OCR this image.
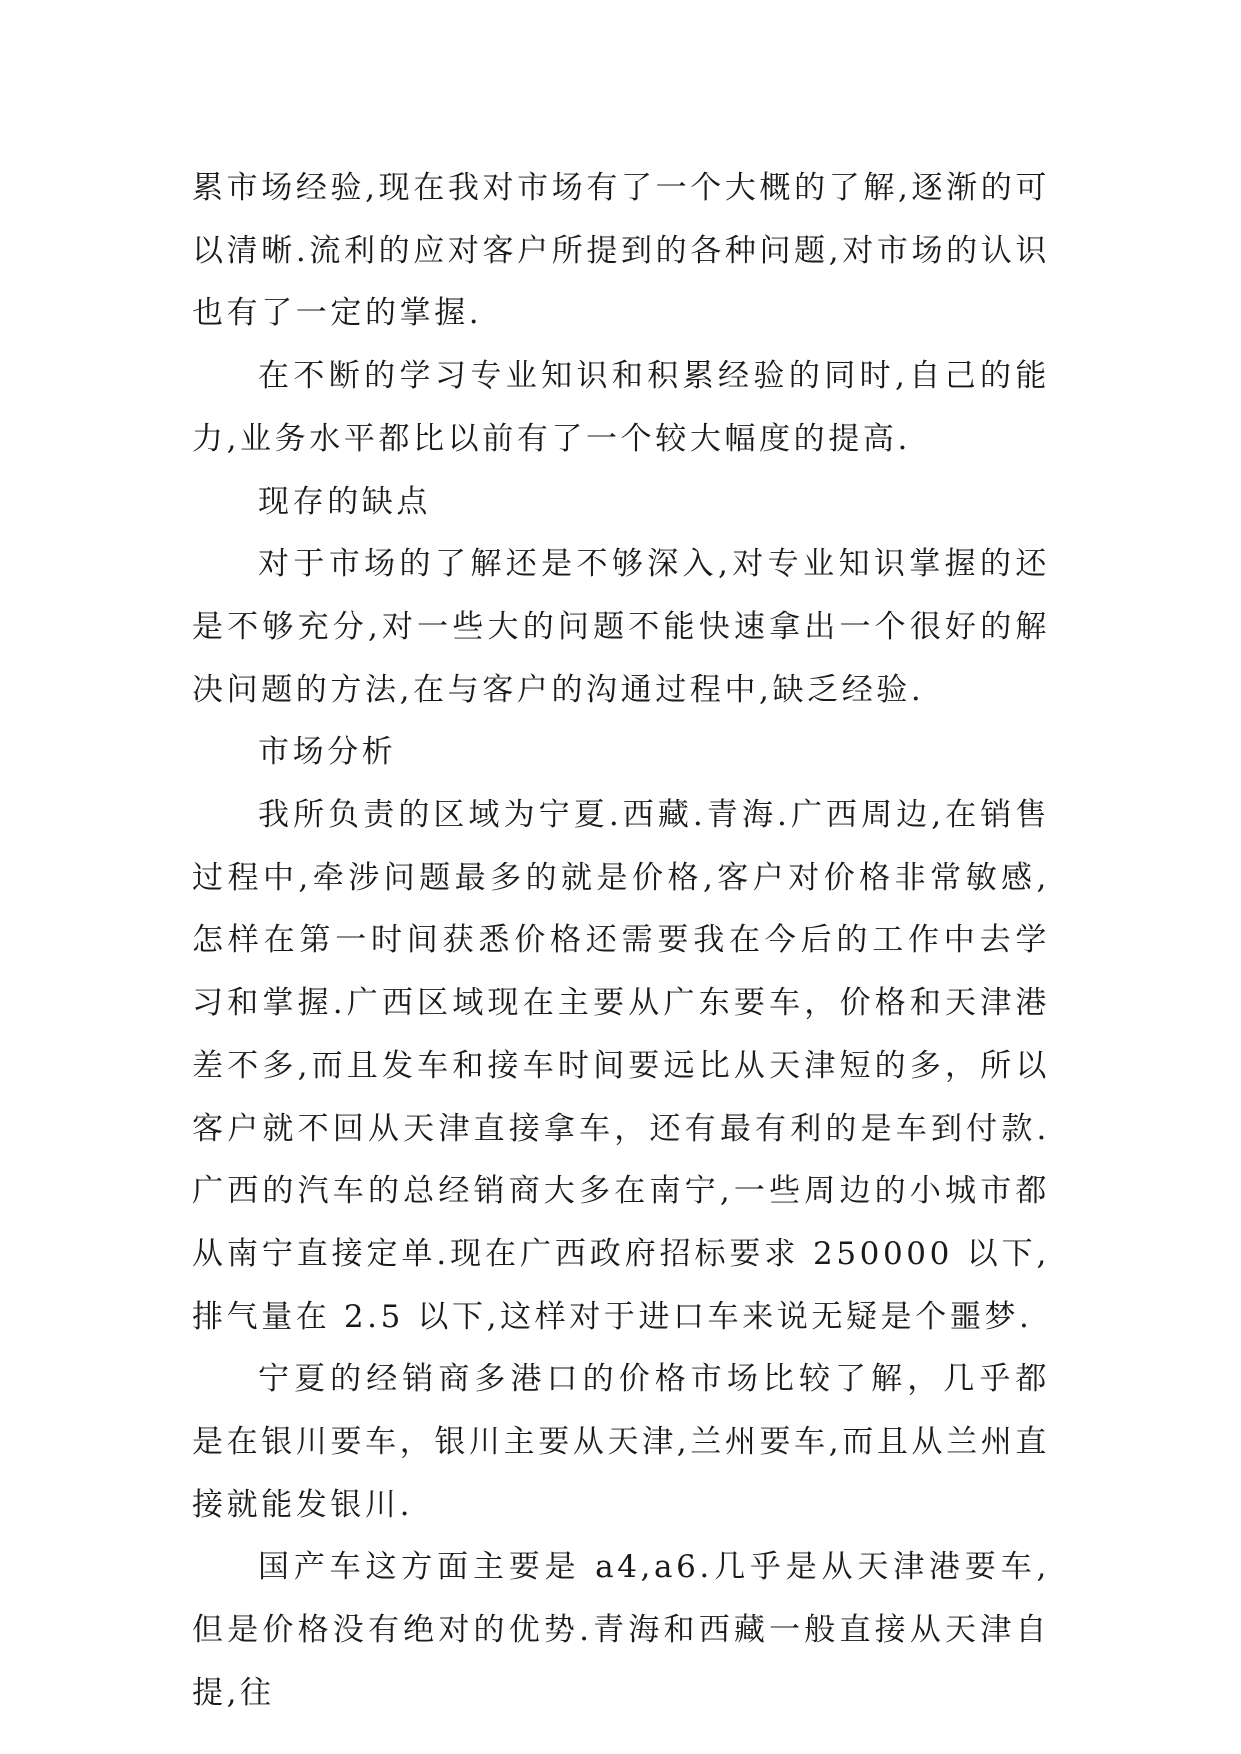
累市场经验,现在我对市场有了一个大概的了解,逐渐的可以清晰.流利的应对客户所提到的各种问题,对市场的认识也有了一定的掌握.

在不断的学习专业知识和积累经验的同时,自己的能力,业务水平都比以前有了一个较大幅度的提高.

现存的缺点

对于市场的了解还是不够深入,对专业知识掌握的还是不够充分,对一些大的问题不能快速拿出一个很好的解决问题的方法,在与客户的沟通过程中,缺乏经验.

市场分析

我所负责的区域为宁夏.西藏.青海.广西周边,在销售过程中,牵涉问题最多的就是价格,客户对价格非常敏感,怎样在第一时间获悉价格还需要我在今后的工作中去学习和掌握.广西区域现在主要从广东要车，价格和天津港差不多,而且发车和接车时间要远比从天津短的多，所以客户就不回从天津直接拿车，还有最有利的是车到付款.广西的汽车的总经销商大多在南宁,一些周边的小城市都从南宁直接定单.现在广西政府招标要求 250000 以下,排气量在 2.5 以下,这样对于进口车来说无疑是个噩梦.

宁夏的经销商多港口的价格市场比较了解，几乎都是在银川要车，银川主要从天津,兰州要车,而且从兰州直接就能发银川.

国产车这方面主要是 a4,a6.几乎是从天津港要车,但是价格没有绝对的优势.青海和西藏一般直接从天津自提,往
